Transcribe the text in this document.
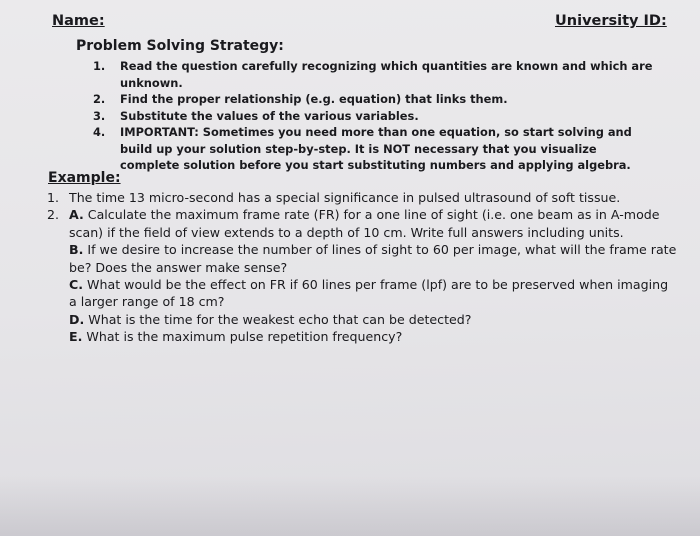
Name:	University ID:
Problem Solving Strategy:
1.	Read the question carefully recognizing which quantities are known and which are unknown.
2.	Find the proper relationship (e.g. equation) that links them.
3.	Substitute the values of the various variables.
4.	IMPORTANT: Sometimes you need more than one equation, so start solving and build up your solution step-by-step. It is NOT necessary that you visualize complete solution before you start substituting numbers and applying algebra.
Example:
1. The time 13 micro-second has a special significance in pulsed ultrasound of soft tissue.
2. A. Calculate the maximum frame rate (FR) for a one line of sight (i.e. one beam as in A-mode scan) if the field of view extends to a depth of 10 cm. Write full answers including units.
B. If we desire to increase the number of lines of sight to 60 per image, what will the frame rate be? Does the answer make sense?
C. What would be the effect on FR if 60 lines per frame (lpf) are to be preserved when imaging a larger range of 18 cm?
D. What is the time for the weakest echo that can be detected?
E. What is the maximum pulse repetition frequency?
